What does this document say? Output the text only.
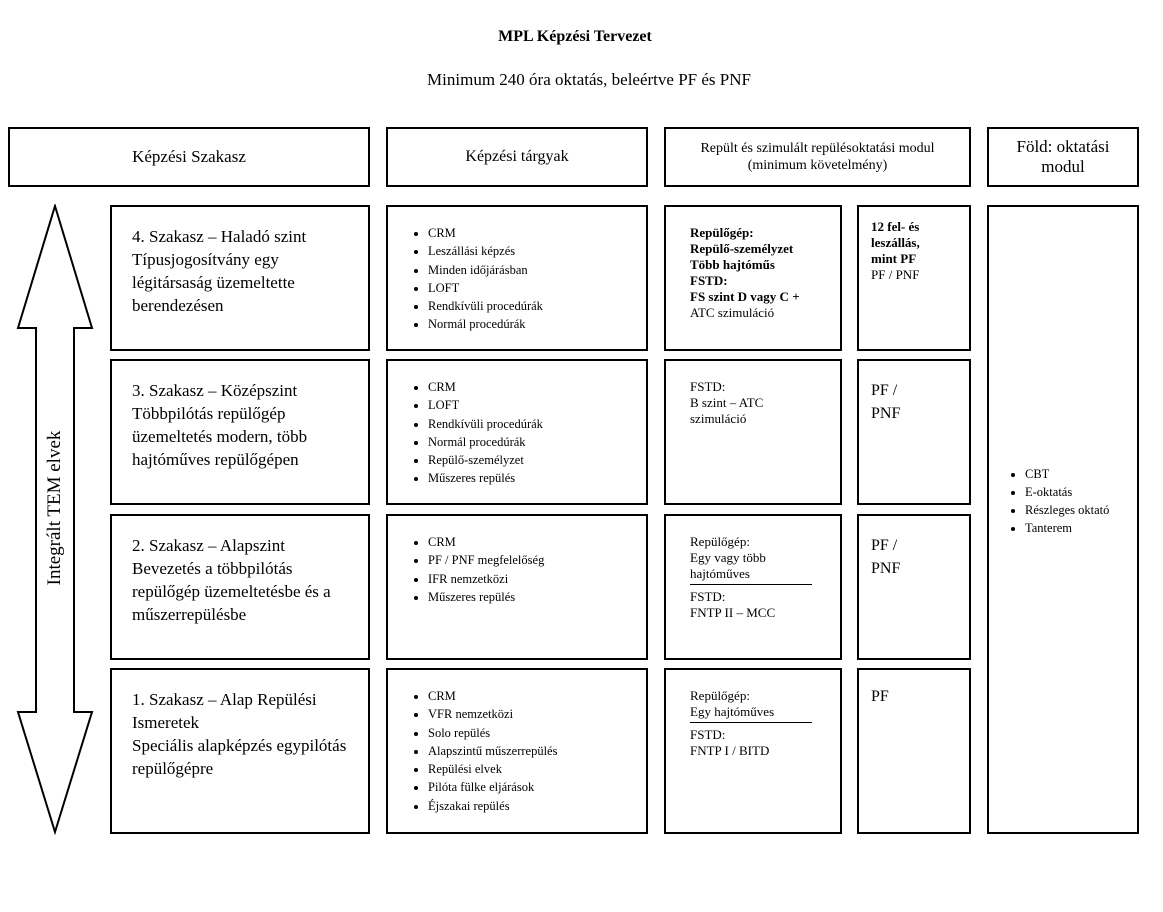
MPL Képzési Tervezet
Minimum 240 óra oktatás, beleértve PF és PNF
Képzési Szakasz	Képzési tárgyak	Repült és szimulált repülésoktatási modul
(minimum követelmény)
Föld: oktatási
modul
Integrált TEM elvek
4. Szakasz – Haladó szint
Típusjogosítvány egy légitársaság üzemeltette berendezésen
3. Szakasz – Középszint
Többpilótás repülőgép üzemeltetés modern, több hajtóműves repülőgépen
2. Szakasz – Alapszint
Bevezetés a többpilótás repülőgép üzemeltetésbe és a műszerrepülésbe
1. Szakasz – Alap Repülési Ismeretek
Speciális alapképzés egypilótás repülőgépre
• CRM
• Leszállási képzés
• Minden időjárásban
• LOFT
• Rendkívüli procedúrák
• Normál procedúrák
• CRM
• LOFT
• Rendkívüli procedúrák
• Normál procedúrák
• Repülő-személyzet
• Műszeres repülés
• CRM
• PF / PNF megfelelőség
• IFR nemzetközi
• Műszeres repülés
• CRM
• VFR nemzetközi
• Solo repülés
• Alapszintű műszerrepülés
• Repülési elvek
• Pilóta fülke eljárások
• Éjszakai repülés
Repülőgép:
Repülő-személyzet
Több hajtóműs
FSTD:
FS szint D vagy C +
ATC szimuláció
FSTD:
B szint – ATC
szimuláció
Repülőgép:
Egy vagy több
hajtóműves
FSTD:
FNTP II – MCC
Repülőgép:
Egy hajtóműves
FSTD:
FNTP I / BITD
12 fel- és leszállás,
mint PF
PF / PNF
PF /
PNF
PF /
PNF
PF
• CBT
• E-oktatás
• Részleges oktató
• Tanterem
